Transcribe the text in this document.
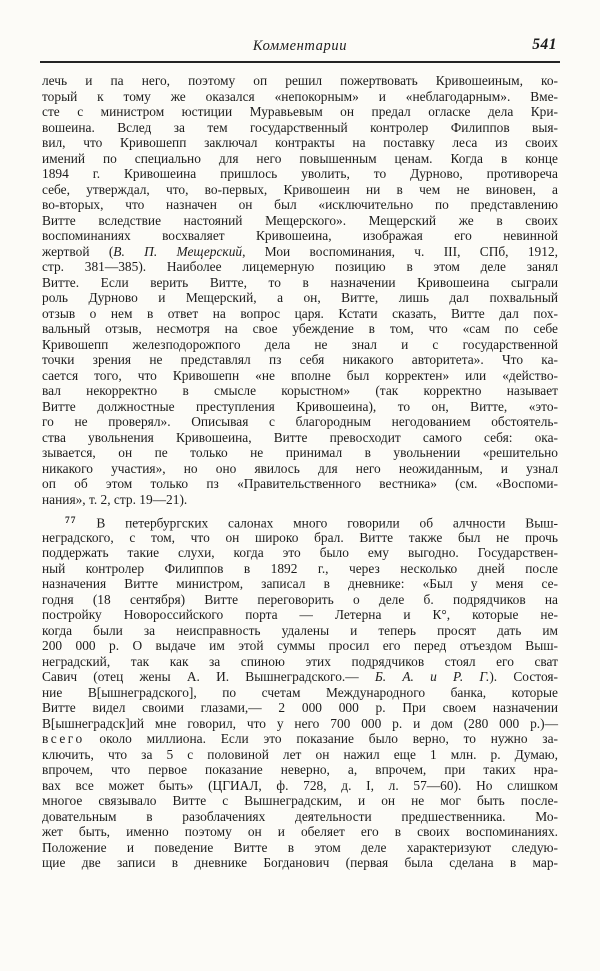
Комментарии	541
лечь и па него, поэтому оп решил пожертвовать Кривошеиным, ко-
торый к тому же оказался «непокорным» и «неблагодарным». Вме-
сте с министром юстиции Муравьевым он предал огласке дела Кри-
вошеина. Вслед за тем государственный контролер Филиппов выя-
вил, что Кривошепп заключал контракты на поставку леса из своих
имений по специально для него повышенным ценам. Когда в конце
1894 г. Кривошеина пришлось уволить, то Дурново, противореча
себе, утверждал, что, во-первых, Кривошеин ни в чем не виновен, а
во-вторых, что назначен он был «исключительно по представлению
Витте вследствие настояний Мещерского». Мещерский же в своих
воспоминаниях восхваляет Кривошеина, изображая его невинной
жертвой (В. П. Мещерский, Мои воспоминания, ч. III, СПб, 1912,
стр. 381—385). Наиболее лицемерную позицию в этом деле занял
Витте. Если верить Витте, то в назначении Кривошеина сыграли
роль Дурново и Мещерский, а он, Витте, лишь дал похвальный
отзыв о нем в ответ на вопрос царя. Кстати сказать, Витте дал пох-
вальный отзыв, несмотря на свое убеждение в том, что «сам по себе
Кривошепп железподорожпого дела не знал и с государственной
точки зрения не представлял пз себя никакого авторитета». Что ка-
сается того, что Кривошепн «не вполне был корректен» или «действо-
вал некорректно в смысле корыстном» (так корректно называет
Витте должностные преступления Кривошеина), то он, Витте, «это-
го не проверял». Описывая с благородным негодованием обстоятель-
ства увольнения Кривошеина, Витте превосходит самого себя: ока-
зывается, он пе только не принимал в увольнении «решительно
никакого участия», но оно явилось для него неожиданным, и узнал
оп об этом только пз «Правительственного вестника» (см. «Воспоми-
нания», т. 2, стр. 19—21).
$^{77}$ В петербургских салонах много говорили об алчности Выш-
неградского, с том, что он широко брал. Витте также был не прочь
поддержать такие слухи, когда это было ему выгодно. Государствен-
ный контролер Филиппов в 1892 г., через несколько дней после
назначения Витте министром, записал в дневнике: «Был у меня се-
годня (18 сентября) Витте переговорить о деле б. подрядчиков на
постройку Новороссийского порта — Летерна и К°, которые не-
когда были за неисправность удалены и теперь просят дать им
200 000 р. О выдаче им этой суммы просил его перед отъездом Выш-
неградский, так как за спиною этих подрядчиков стоял его сват
Савич (отец жены А. И. Вышнеградского.— Б. А. и Р. Г.). Состоя-
ние В[ышнеградского], по счетам Международного банка, которые
Витте видел своими глазами,— 2 000 000 р. При своем назначении
В[ышнеградск]ий мне говорил, что у него 700 000 р. и дом (280 000 р.)—
всего около миллиона. Если это показание было верно, то нужно за-
ключить, что за 5 с половиной лет он нажил еще 1 млн. р. Думаю,
впрочем, что первое показание неверно, а, впрочем, при таких нра-
вах все может быть» (ЦГИАЛ, ф. 728, д. I, л. 57—60). Но слишком
многое связывало Витте с Вышнеградским, и он не мог быть после-
довательным в разоблачениях деятельности предшественника. Мо-
жет быть, именно поэтому он и обеляет его в своих воспоминаниях.
Положение и поведение Витте в этом деле характеризуют следую-
щие две записи в дневнике Богданович (первая была сделана в мар-
